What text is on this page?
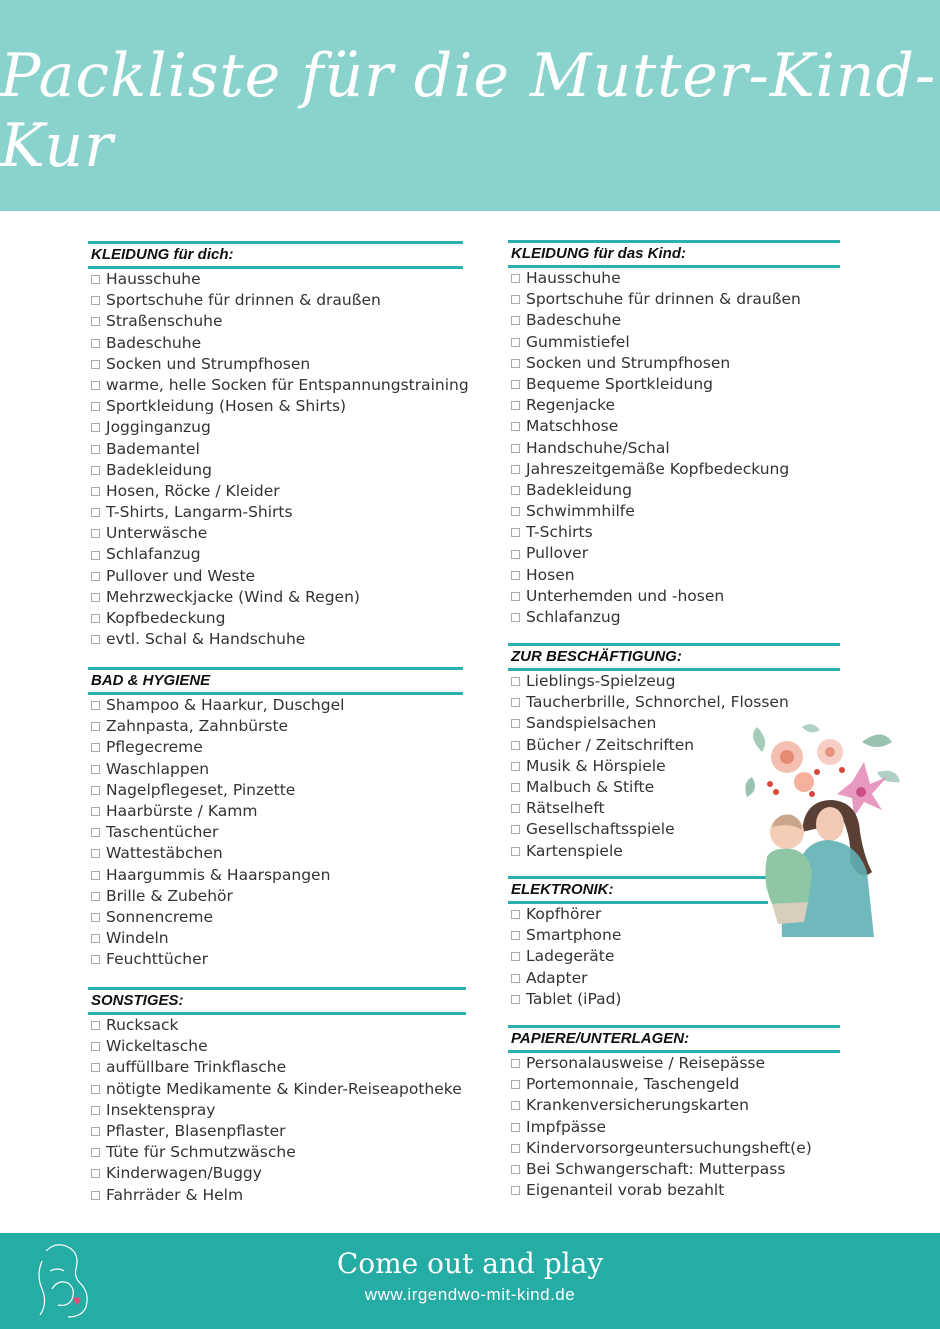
Packliste für die Mutter-Kind-Kur
KLEIDUNG für dich:
Hausschuhe
Sportschuhe für drinnen & draußen
Straßenschuhe
Badeschuhe
Socken und Strumpfhosen
warme, helle Socken für Entspannungstraining
Sportkleidung (Hosen & Shirts)
Jogginganzug
Bademantel
Badekleidung
Hosen, Röcke / Kleider
T-Shirts, Langarm-Shirts
Unterwäsche
Schlafanzug
Pullover und Weste
Mehrzweckjacke (Wind & Regen)
Kopfbedeckung
evtl. Schal & Handschuhe
BAD & HYGIENE
Shampoo & Haarkur, Duschgel
Zahnpasta, Zahnbürste
Pflegecreme
Waschlappen
Nagelpflegeset, Pinzette
Haarbürste / Kamm
Taschentücher
Wattestäbchen
Haargummis & Haarspangen
Brille & Zubehör
Sonnencreme
Windeln
Feuchttücher
SONSTIGES:
Rucksack
Wickeltasche
auffüllbare Trinkflasche
nötigte Medikamente & Kinder-Reiseapotheke
Insektenspray
Pflaster, Blasenpflaster
Tüte für Schmutzwäsche
Kinderwagen/Buggy
Fahrräder & Helm
KLEIDUNG für das Kind:
Hausschuhe
Sportschuhe für drinnen & draußen
Badeschuhe
Gummistiefel
Socken und Strumpfhosen
Bequeme Sportkleidung
Regenjacke
Matschhose
Handschuhe/Schal
Jahreszeitgemäße Kopfbedeckung
Badekleidung
Schwimmhilfe
T-Schirts
Pullover
Hosen
Unterhemden und -hosen
Schlafanzug
ZUR BESCHÄFTIGUNG:
Lieblings-Spielzeug
Taucherbrille, Schnorchel, Flossen
Sandspielsachen
Bücher / Zeitschriften
Musik & Hörspiele
Malbuch & Stifte
Rätselheft
Gesellschaftsspiele
Kartenspiele
ELEKTRONIK:
Kopfhörer
Smartphone
Ladegeräte
Adapter
Tablet (iPad)
PAPIERE/UNTERLAGEN:
Personalausweise / Reisepässe
Portemonnaie, Taschengeld
Krankenversicherungskarten
Impfpässe
Kindervorsorgeuntersuchungsheft(e)
Bei Schwangerschaft: Mutterpass
Eigenanteil vorab bezahlt
Come out and play
www.irgendwo-mit-kind.de
